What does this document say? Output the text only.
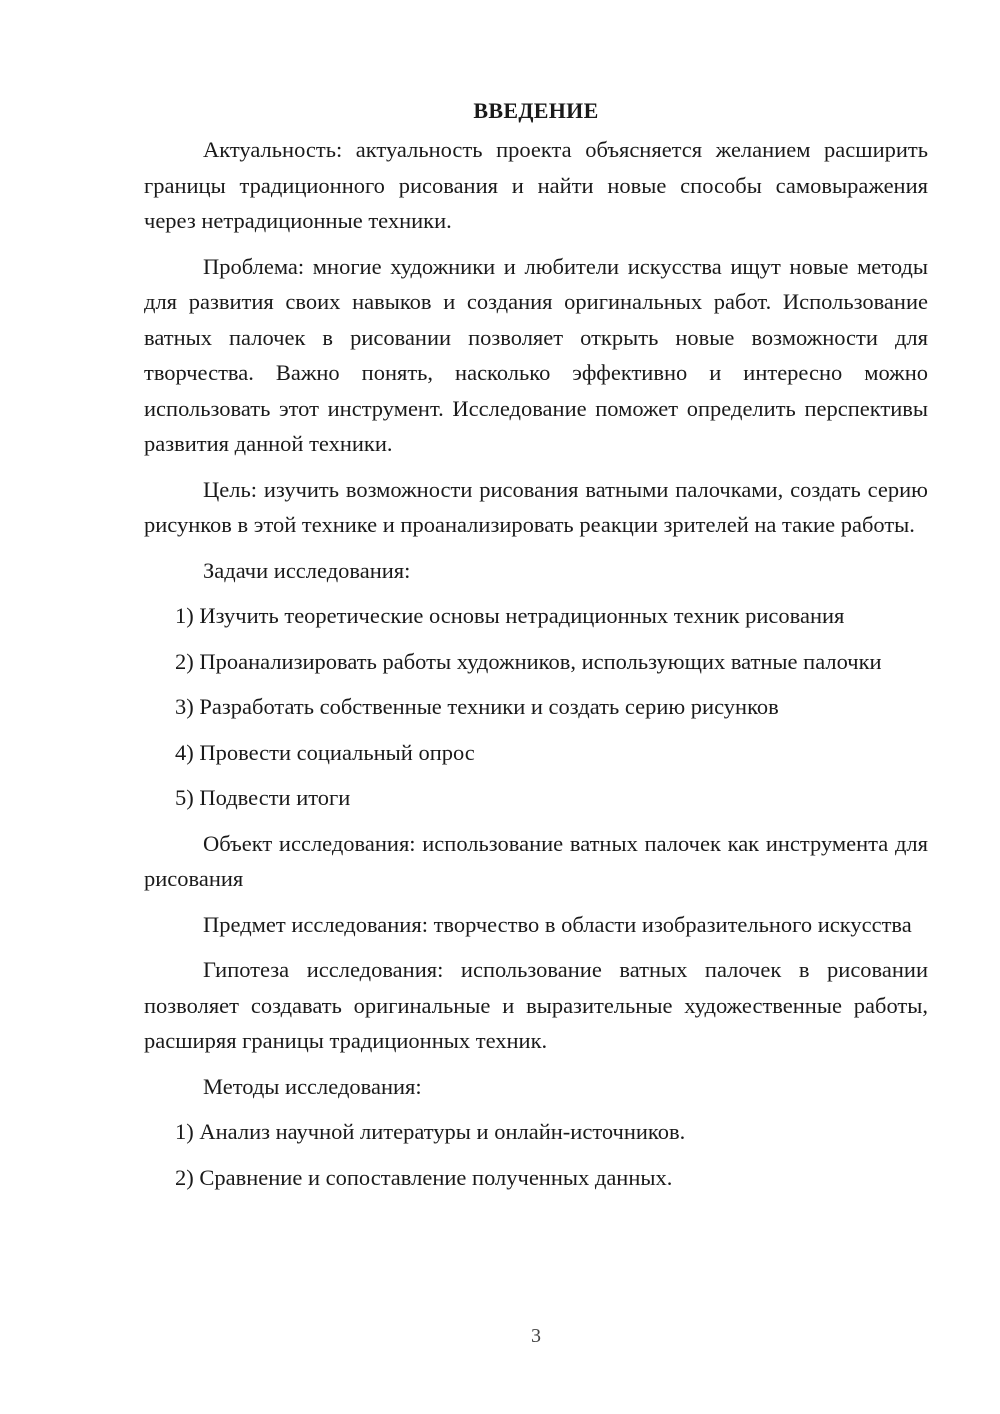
ВВЕДЕНИЕ

Актуальность: актуальность проекта объясняется желанием расширить границы традиционного рисования и найти новые способы самовыражения через нетрадиционные техники.

Проблема: многие художники и любители искусства ищут новые методы для развития своих навыков и создания оригинальных работ. Использование ватных палочек в рисовании позволяет открыть новые возможности для творчества. Важно понять, насколько эффективно и интересно можно использовать этот инструмент. Исследование поможет определить перспективы развития данной техники.

Цель: изучить возможности рисования ватными палочками, создать серию рисунков в этой технике и проанализировать реакции зрителей на такие работы.

Задачи исследования:

1) Изучить теоретические основы нетрадиционных техник рисования

2) Проанализировать работы художников, использующих ватные палочки

3) Разработать собственные техники и создать серию рисунков

4) Провести социальный опрос

5) Подвести итоги

Объект исследования: использование ватных палочек как инструмента для рисования

Предмет исследования: творчество в области изобразительного искусства

Гипотеза исследования: использование ватных палочек в рисовании позволяет создавать оригинальные и выразительные художественные работы, расширяя границы традиционных техник.

Методы исследования:

1) Анализ научной литературы и онлайн-источников.

2) Сравнение и сопоставление полученных данных.

3
